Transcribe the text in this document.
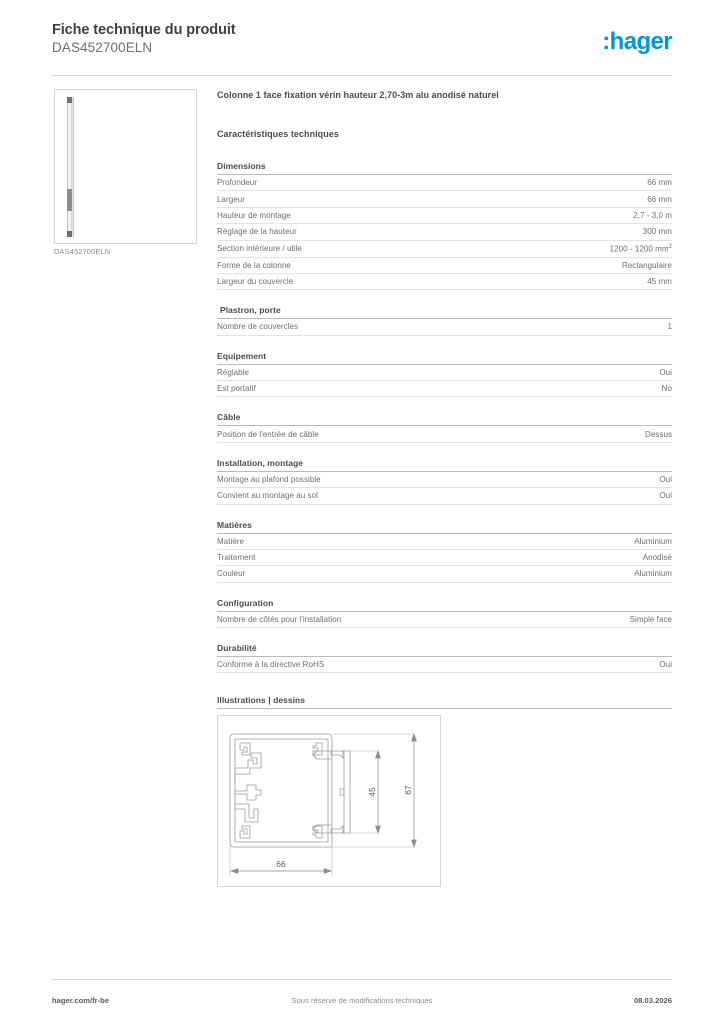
Fiche technique du produit
DAS452700ELN	:hager
DAS452700ELN
Colonne 1 face fixation vérin hauteur 2,70-3m alu anodisé naturel
Caractéristiques techniques
Dimensions
Profondeur	66 mm
Largeur	66 mm
Hauteur de montage	2,7 - 3,0 m
Réglage de la hauteur	300 mm
Section intérieure / utile	1200 - 1200 $mm^2$
Forme de la colonne	Rectangulaire
Largeur du couvercle	45 mm
Plastron, porte
Nombre de couvercles	1
Equipement
Réglable	Oui
Est portatif	No
Câble
Position de l'entrée de câble	Dessus
Installation, montage
Montage au plafond possible	Oui
Convient au montage au sol	Oui
Matières
Matière	Aluminium
Traitement	Anodisé
Couleur	Aluminium
Configuration
Nombre de côtés pour l'installation	Simple face
Durabilité
Conforme à la directive RoHS	Oui
Illustrations | dessins
66
45	67
hager.com/fr-be	Sous réserve de modifications techniques	08.03.2026
